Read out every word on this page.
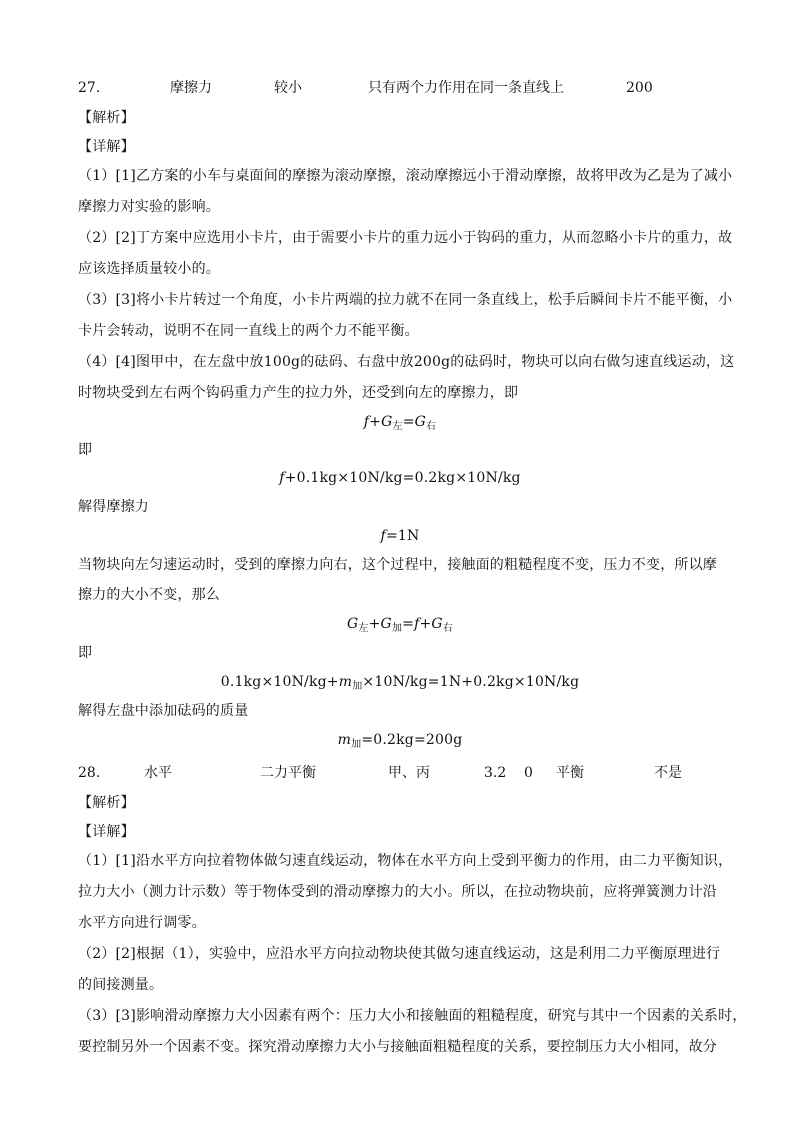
27.	摩擦力	较小	只有两个力作用在同一条直线上	200
【解析】
【详解】
（1）[1]乙方案的小车与桌面间的摩擦为滚动摩擦，滚动摩擦远小于滑动摩擦，故将甲改为乙是为了减小
摩擦力对实验的影响。
（2）[2]丁方案中应选用小卡片，由于需要小卡片的重力远小于钩码的重力，从而忽略小卡片的重力，故
应该选择质量较小的。
（3）[3]将小卡片转过一个角度，小卡片两端的拉力就不在同一条直线上，松手后瞬间卡片不能平衡，小
卡片会转动，说明不在同一直线上的两个力不能平衡。
（4）[4]图甲中，在左盘中放100g的砝码、右盘中放200g的砝码时，物块可以向右做匀速直线运动，这
时物块受到左右两个钩码重力产生的拉力外，还受到向左的摩擦力，即
$f+G_左=G_右$
即
f+0.1kg×10N/kg=0.2kg×10N/kg
解得摩擦力
f=1N
当物块向左匀速运动时，受到的摩擦力向右，这个过程中，接触面的粗糙程度不变，压力不变，所以摩
擦力的大小不变，那么
$G_左+G_加=f+G_右$
即
$0.1kg\times 10N/kg+m_加\times 10N/kg=1N+0.2kg\times 10N/kg$
解得左盘中添加砝码的质量
$m_加=0.2kg=200g$
28.	水平	二力平衡	甲、丙	3.2 0 平衡	不是
【解析】
【详解】
（1）[1]沿水平方向拉着物体做匀速直线运动，物体在水平方向上受到平衡力的作用，由二力平衡知识，
拉力大小（测力计示数）等于物体受到的滑动摩擦力的大小。所以，在拉动物块前，应将弹簧测力计沿
水平方向进行调零。
（2）[2]根据（1），实验中，应沿水平方向拉动物块使其做匀速直线运动，这是利用二力平衡原理进行
的间接测量。
（3）[3]影响滑动摩擦力大小因素有两个：压力大小和接触面的粗糙程度，研究与其中一个因素的关系时，
要控制另外一个因素不变。探究滑动摩擦力大小与接触面粗糙程度的关系，要控制压力大小相同，故分
